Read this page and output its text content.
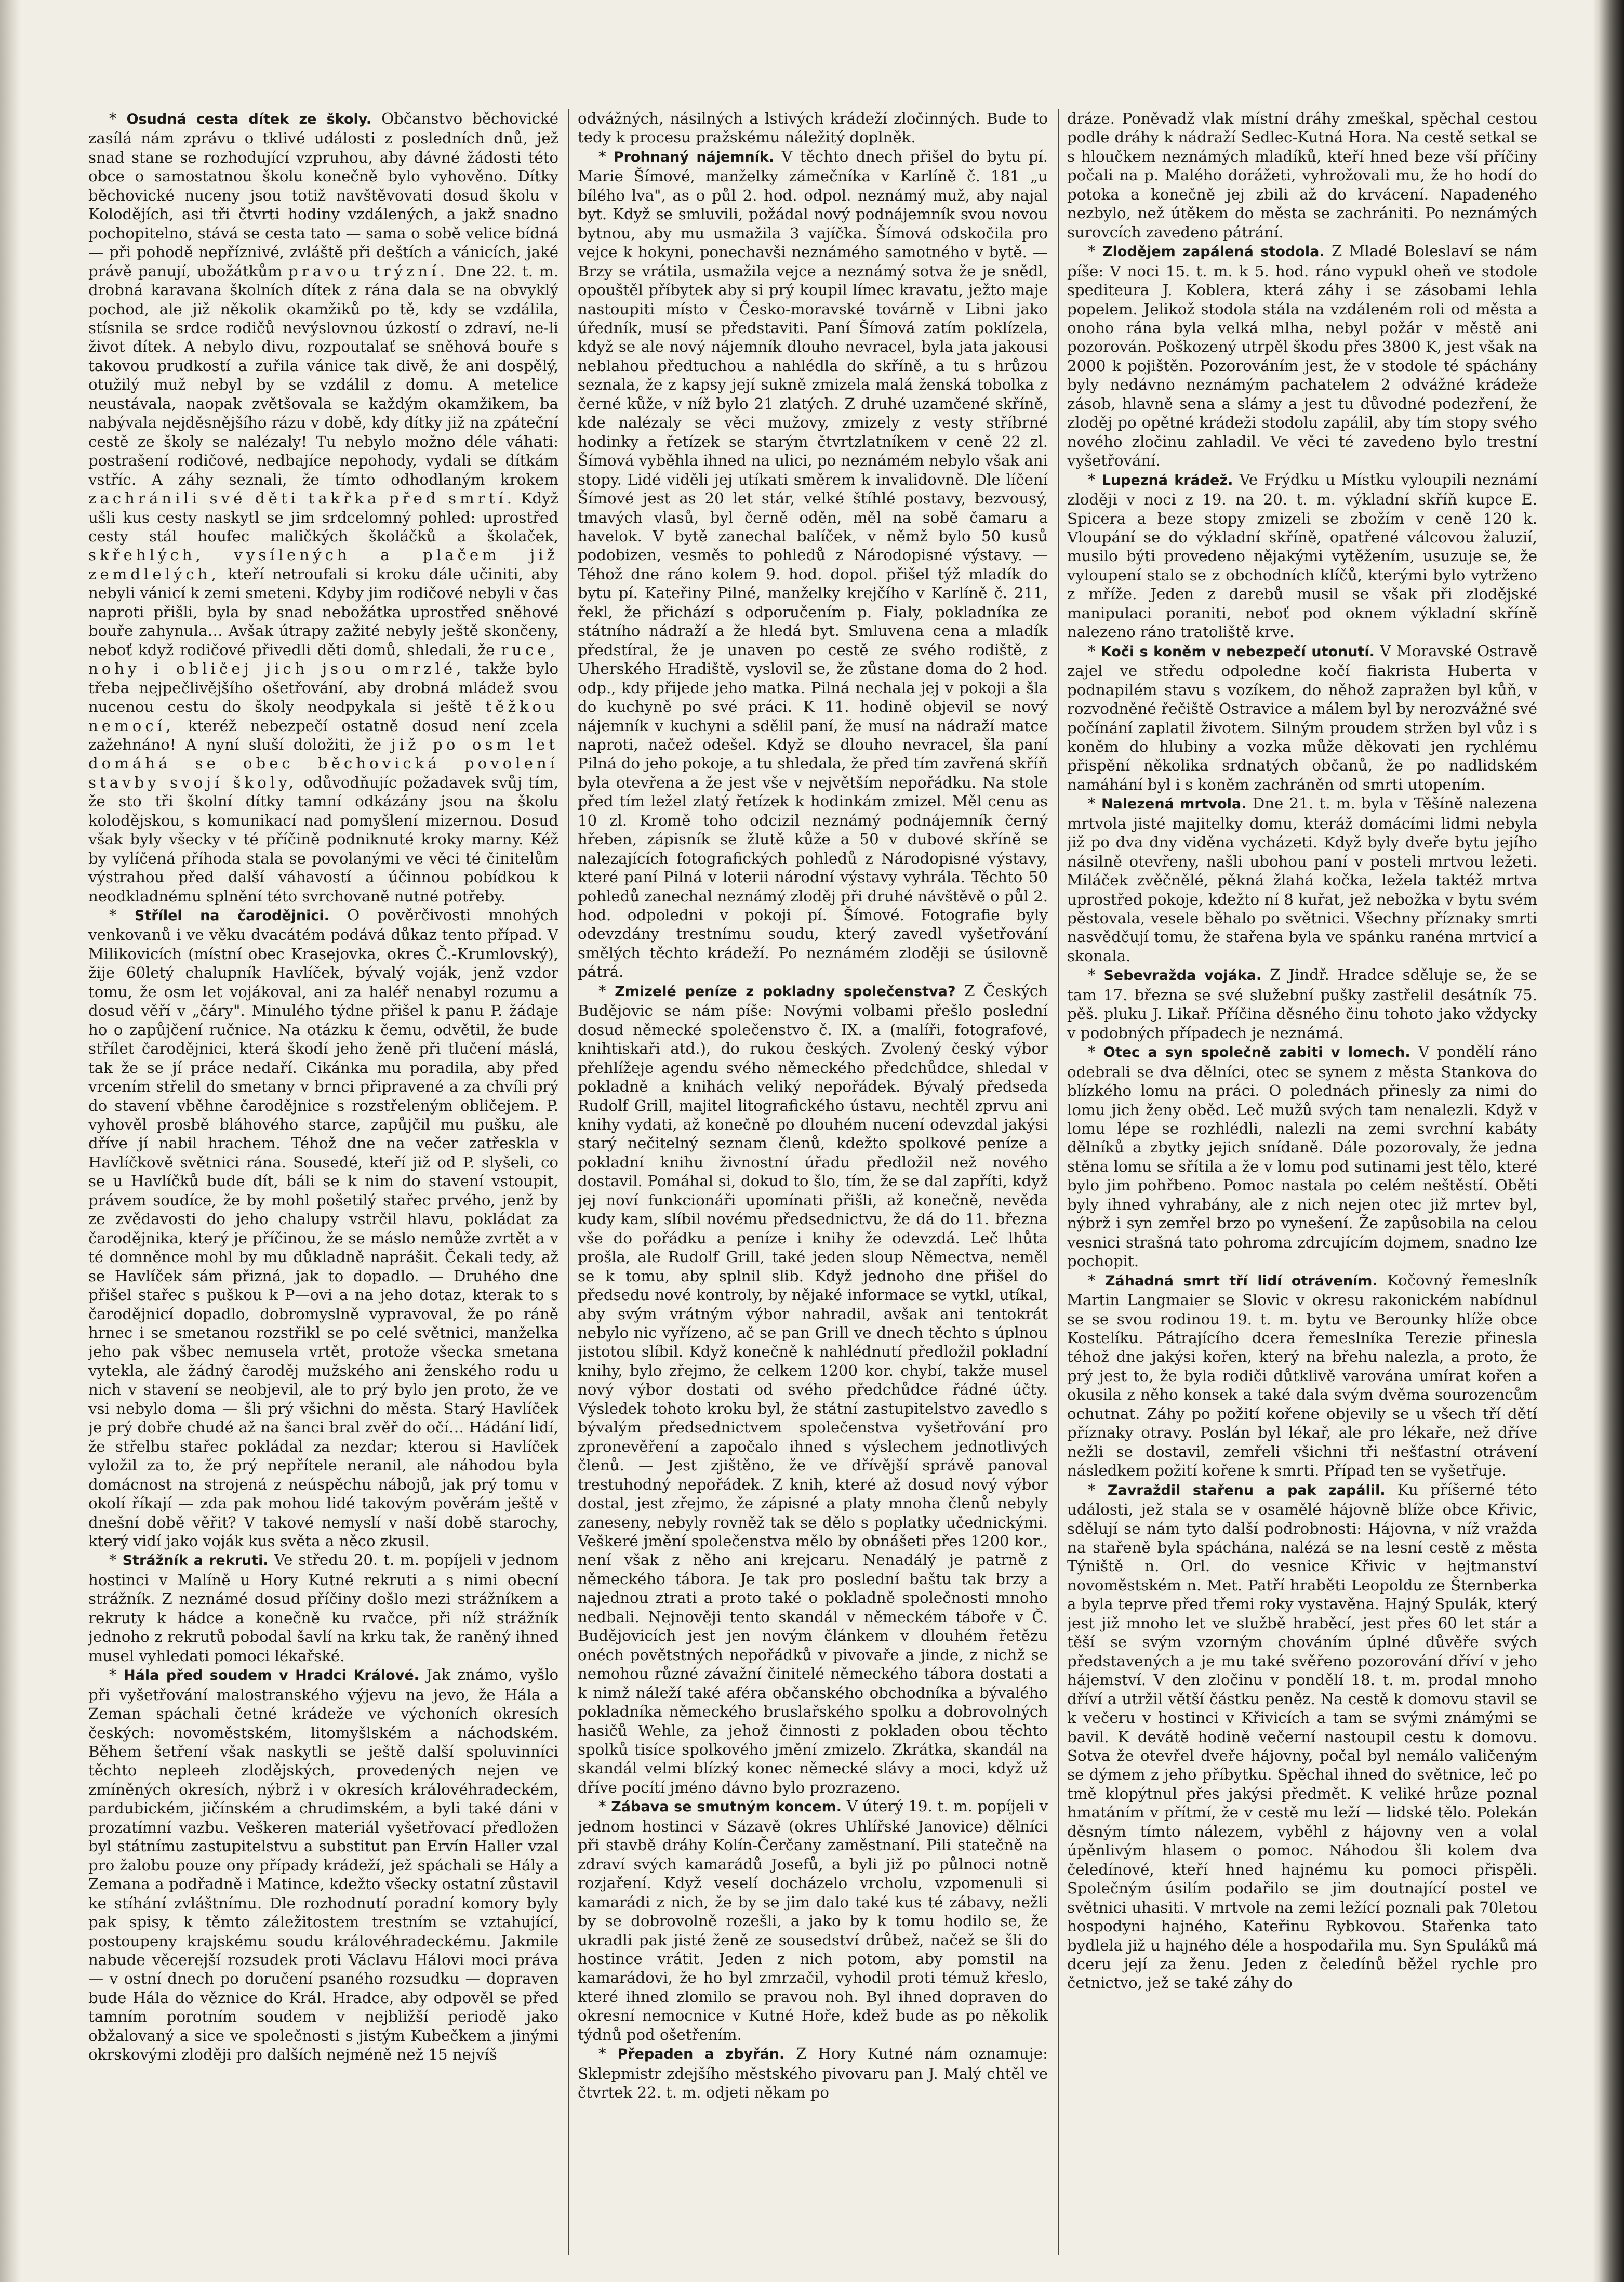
* Osudná cesta dítek ze školy. Občanstvo běchovické zasílá nám zprávu o tklivé události z posledních dnů, jež snad stane se rozhodující vzpruhou, aby dávné žádosti této obce o samostatnou školu konečně bylo vyhověno. Dítky běchovické nuceny jsou totiž navštěvovati dosud školu v Kolodějích, asi tři čtvrti hodiny vzdálených, a jakž snadno pochopitelno, stává se cesta tato — sama o sobě velice bídná — při pohodě nepříznivé, zvláště při deštích a vánicích, jaké právě panují, ubožátkům pravou trýzní. Dne 22. t. m. drobná karavana školních dítek z rána dala se na obvyklý pochod, ale již několik okamžiků po tě, kdy se vzdálila, stísnila se srdce rodičů nevýslovnou úzkostí o zdraví, ne-li život dítek. A nebylo divu, rozpoutalať se sněhová bouře s takovou prudkostí a zuřila vánice tak divě, že ani dospělý, otužilý muž nebyl by se vzdálil z domu. A metelice neustávala, naopak zvětšovala se každým okamžikem, ba nabývala nejděsnějšího rázu v době, kdy dítky již na zpáteční cestě ze školy se nalézaly! Tu nebylo možno déle váhati: postrašení rodičové, nedbajíce nepohody, vydali se dítkám vstříc. A záhy seznali, že tímto odhodlaným krokem zachránili své děti takřka před smrtí. Když ušli kus cesty naskytl se jim srdcelomný pohled: uprostřed cesty stál houfec maličkých školáčků a školaček, skřehlých, vysílených a plačem již zemdlelých, kteří netroufali si kroku dále učiniti, aby nebyli vánicí k zemi smeteni. Kdyby jim rodičové nebyli v čas naproti přišli, byla by snad nebožátka uprostřed sněhové bouře zahynula… Avšak útrapy zažité nebyly ještě skončeny, neboť když rodičové přivedli děti domů, shledali, že ruce, nohy i obličej jich jsou omrzlé, takže bylo třeba nejpečlivějšího ošetřování, aby drobná mládež svou nucenou cestu do školy neodpykala si ještě těžkou nemocí, kteréž nebezpečí ostatně dosud není zcela zažehnáno! A nyní sluší doložiti, že již po osm let domáhá se obec běchovická povolení stavby svojí školy, odůvodňujíc požadavek svůj tím, že sto tři školní dítky tamní odkázány jsou na školu kolodějskou, s komunikací nad pomyšlení mizernou. Dosud však byly všecky v té příčině podniknuté kroky marny. Kéž by vylíčená příhoda stala se povolanými ve věci té činitelům výstrahou před další váhavostí a účinnou pobídkou k neodkladnému splnění této svrchovaně nutné potřeby.

* Střílel na čarodějnici. O pověrčivosti mnohých venkovanů i ve věku dvacátém podává důkaz tento případ. V Milikovicích (místní obec Krasejovka, okres Č.-Krumlovský), žije 60letý chalupník Havlíček, bývalý voják, jenž vzdor tomu, že osm let vojákoval, ani za haléř nenabyl rozumu a dosud věří v „čáry". Minulého týdne přišel k panu P. žádaje ho o zapůjčení ručnice. Na otázku k čemu, odvětil, že bude střílet čarodějnici, která škodí jeho ženě při tlučení máslá, tak že se jí práce nedaří. Cikánka mu poradila, aby před vrcením střelil do smetany v brnci připravené a za chvíli prý do stavení vběhne čarodějnice s rozstřeleným obličejem. P. vyhověl prosbě bláhového starce, zapůjčil mu pušku, ale dříve jí nabil hrachem. Téhož dne na večer zatřeskla v Havlíčkově světnici rána. Sousedé, kteří již od P. slyšeli, co se u Havlíčků bude dít, báli se k nim do stavení vstoupit, právem soudíce, že by mohl pošetilý stařec prvého, jenž by ze zvědavosti do jeho chalupy vstrčil hlavu, pokládat za čarodějnika, který je příčinou, že se máslo nemůže zvrtět a v té domněnce mohl by mu důkladně naprášit. Čekali tedy, až se Havlíček sám přizná, jak to dopadlo. — Druhého dne přišel stařec s puškou k P—ovi a na jeho dotaz, kterak to s čarodějnicí dopadlo, dobromyslně vypravoval, že po ráně hrnec i se smetanou rozstřikl se po celé světnici, manželka jeho pak všbec nemusela vrtět, protože všecka smetana vytekla, ale žádný čaroděj mužského ani ženského rodu u nich v stavení se neobjevil, ale to prý bylo jen proto, že ve vsi nebylo doma — šli prý všichni do města. Starý Havlíček je prý dobře chudé až na šanci bral zvěř do očí… Hádání lidí, že střelbu stařec pokládal za nezdar; kterou si Havlíček vyložil za to, že prý nepřítele neranil, ale náhodou byla domácnost na strojená z neúspěchu nábojů, jak prý tomu v okolí říkají — zda pak mohou lidé takovým pověrám ještě v dnešní době věřit? V takové nemyslí v naší době starochy, který vidí jako voják kus světa a něco zkusil.

* Strážník a rekruti. Ve středu 20. t. m. popíjeli v jednom hostinci v Malíně u Hory Kutné rekruti a s nimi obecní strážník. Z neznámé dosud příčiny došlo mezi strážníkem a rekruty k hádce a konečně ku rvačce, při níž strážník jednoho z rekrutů pobodal šavlí na krku tak, že raněný ihned musel vyhledati pomoci lékařské.

* Hála před soudem v Hradci Králové. Jak známo, vyšlo při vyšetřování malostranského výjevu na jevo, že Hála a Zeman spáchali četné krádeže ve výchoních okresích českých: novoměstském, litomyšlském a náchodském. Během šetření však naskytli se ještě další spoluvinníci těchto nepleeh zlodějských, provedených nejen ve zmíněných okresích, nýbrž i v okresích královéhradeckém, pardubickém, jičínském a chrudimském, a byli také dáni v prozatímní vazbu. Veškeren materiál vyšetřovací předložen byl státnímu zastupitelstvu a substitut pan Ervín Haller vzal pro žalobu pouze ony případy krádeží, jež spáchali se Hály a Zemana a podřadně i Matince, kdežto všecky ostatní zůstavil ke stíhání zvláštnímu. Dle rozhodnutí poradní komory byly pak spisy, k těmto záležitostem trestním se vztahující, postoupeny krajskému soudu královéhradeckému. Jakmile nabude věcerejší rozsudek proti Václavu Hálovi moci práva — v ostní dnech po doručení psaného rozsudku — dopraven bude Hála do věznice do Král. Hradce, aby odpověl se před tamním porotním soudem v nejbližší periodě jako obžalovaný a sice ve společnosti s jistým Kubečkem a jinými okrskovými zloději pro dalších nejméně než 15 nejvíš

odvážných, násilných a lstivých krádeží zločinných. Bude to tedy k procesu pražskému náležitý doplněk.

* Prohnaný nájemník. V těchto dnech přišel do bytu pí. Marie Šímové, manželky zámečníka v Karlíně č. 181 „u bílého lva", as o půl 2. hod. odpol. neznámý muž, aby najal byt. Když se smluvili, požádal nový podnájemník svou novou bytnou, aby mu usmažila 3 vajíčka. Šímová odskočila pro vejce k hokyni, ponechavši neznámého samotného v bytě. — Brzy se vrátila, usmažila vejce a neznámý sotva že je snědl, opouštěl příbytek aby si prý koupil límec kravatu, ježto maje nastoupiti místo v Česko-moravské továrně v Libni jako úředník, musí se představiti. Paní Šímová zatím poklízela, když se ale nový nájemník dlouho nevracel, byla jata jakousi neblahou předtuchou a nahlédla do skříně, a tu s hrůzou seznala, že z kapsy její sukně zmizela malá ženská tobolka z černé kůže, v níž bylo 21 zlatých. Z druhé uzamčené skříně, kde nalézaly se věci mužovy, zmizely z vesty stříbrné hodinky a řetízek se starým čtvrtzlatníkem v ceně 22 zl. Šímová vyběhla ihned na ulici, po neznámém nebylo však ani stopy. Lidé viděli jej utíkati směrem k invalidovně. Dle líčení Šímové jest as 20 let stár, velké štíhlé postavy, bezvousý, tmavých vlasů, byl černě oděn, měl na sobě čamaru a havelok. V bytě zanechal balíček, v němž bylo 50 kusů podobizen, vesměs to pohledů z Národopisné výstavy. — Téhož dne ráno kolem 9. hod. dopol. přišel týž mladík do bytu pí. Kateřiny Pilné, manželky krejčího v Karlíně č. 211, řekl, že přichází s odporučením p. Fialy, pokladníka ze státního nádraží a že hledá byt. Smluvena cena a mladík předstíral, že je unaven po cestě ze svého rodiště, z Uherského Hradiště, vyslovil se, že zůstane doma do 2 hod. odp., kdy přijede jeho matka. Pilná nechala jej v pokoji a šla do kuchyně po své práci. K 11. hodině objevil se nový nájemník v kuchyni a sdělil paní, že musí na nádraží matce naproti, načež odešel. Když se dlouho nevracel, šla paní Pilná do jeho pokoje, a tu shledala, že před tím zavřená skříň byla otevřena a že jest vše v největším nepořádku. Na stole před tím ležel zlatý řetízek k hodinkám zmizel. Měl cenu as 10 zl. Kromě toho odcizil neznámý podnájemník černý hřeben, zápisník se žlutě kůže a 50 v dubové skříně se nalezajících fotografických pohledů z Národopisné výstavy, které paní Pilná v loterii národní výstavy vyhrála. Těchto 50 pohledů zanechal neznámý zloděj při druhé návštěvě o půl 2. hod. odpoledni v pokoji pí. Šímové. Fotografie byly odevzdány trestnímu soudu, který zavedl vyšetřování smělých těchto krádeží. Po neznámém zloději se úsilovně pátrá.

* Zmizelé peníze z pokladny společenstva? Z Českých Budějovic se nám píše: Novými volbami přešlo poslední dosud německé společenstvo č. IX. a (malíři, fotografové, knihtiskaři atd.), do rukou českých. Zvolený český výbor přehlížeje agendu svého německého předchůdce, shledal v pokladně a knihách veliký nepořádek. Bývalý předseda Rudolf Grill, majitel litografického ústavu, nechtěl zprvu ani knihy vydati, až konečně po dlouhém nucení odevzdal jakýsi starý nečitelný seznam členů, kdežto spolkové peníze a pokladní knihu živnostní úřadu předložil než nového dostavil. Pomáhal si, dokud to šlo, tím, že se dal zapříti, když jej noví funkcionáři upomínati přišli, až konečně, nevěda kudy kam, slíbil novému předsednictvu, že dá do 11. března vše do pořádku a peníze i knihy že odevzdá. Leč lhůta prošla, ale Rudolf Grill, také jeden sloup Němectva, neměl se k tomu, aby splnil slib. Když jednoho dne přišel do předsedu nové kontroly, by nějaké informace se vytkl, utíkal, aby svým vrátným výbor nahradil, avšak ani tentokrát nebylo nic vyřízeno, ač se pan Grill ve dnech těchto s úplnou jistotou slíbil. Když konečně k nahlédnutí předložil pokladní knihy, bylo zřejmo, že celkem 1200 kor. chybí, takže musel nový výbor dostati od svého předchůdce řádné účty. Výsledek tohoto kroku byl, že státní zastupitelstvo zavedlo s bývalým předsednictvem společenstva vyšetřování pro zpronevěření a započalo ihned s výslechem jednotlivých členů. — Jest zjištěno, že ve dřívější správě panoval trestuhodný nepořádek. Z knih, které až dosud nový výbor dostal, jest zřejmo, že zápisné a platy mnoha členů nebyly zaneseny, nebyly rovněž tak se dělo s poplatky učednickými. Veškeré jmění společenstva mělo by obnášeti přes 1200 kor., není však z něho ani krejcaru. Nenadálý je patrně z německého tábora. Je tak pro poslední baštu tak brzy a najednou ztrati a proto také o pokladně společnosti mnoho nedbali. Nejnověji tento skandál v německém táboře v Č. Budějovicích jest jen novým článkem v dlouhém řetězu onéch povětstných nepořádků v pivovaře a jinde, z nichž se nemohou různé závažní činitelé německého tábora dostati a k nimž náleží také aféra občanského obchodníka a bývalého pokladníka německého bruslařského spolku a dobrovolných hasičů Wehle, za jehož činnosti z pokladen obou těchto spolků tisíce spolkového jmění zmizelo. Zkrátka, skandál na skandál velmi blízký konec německé slávy a moci, když už dříve pocítí jméno dávno bylo prozrazeno.

* Zábava se smutným koncem. V úterý 19. t. m. popíjeli v jednom hostinci v Sázavě (okres Uhlířské Janovice) dělníci při stavbě dráhy Kolín-Čerčany zaměstnaní. Pili statečně na zdraví svých kamarádů Josefů, a byli již po půlnoci notně rozjaření. Když veselí docházelo vrcholu, vzpomenuli si kamarádi z nich, že by se jim dalo také kus té zábavy, nežli by se dobrovolně rozešli, a jako by k tomu hodilo se, že ukradli pak jisté ženě ze sousedství drůbež, načež se šli do hostince vrátit. Jeden z nich potom, aby pomstil na kamarádovi, že ho byl zmrzačil, vyhodil proti témuž křeslo, které ihned zlomilo se pravou noh. Byl ihned dopraven do okresní nemocnice v Kutné Hoře, kdež bude as po několik týdnů pod ošetřením.

* Přepaden a zbyřán. Z Hory Kutné nám oznamuje: Sklepmistr zdejšího městského pivovaru pan J. Malý chtěl ve čtvrtek 22. t. m. odjeti někam po

dráze. Poněvadž vlak místní dráhy zmeškal, spěchal cestou podle dráhy k nádraží Sedlec-Kutná Hora. Na cestě setkal se s hloučkem neznámých mladíků, kteří hned beze vší příčiny počali na p. Malého dorážeti, vyhrožovali mu, že ho hodí do potoka a konečně jej zbili až do krvácení. Napadeného nezbylo, než útěkem do města se zachrániti. Po neznámých surovcích zavedeno pátrání.

* Zlodějem zapálená stodola. Z Mladé Boleslaví se nám píše: V noci 15. t. m. k 5. hod. ráno vypukl oheň ve stodole spediteura J. Koblera, která záhy i se zásobami lehla popelem. Jelikož stodola stála na vzdáleném roli od města a onoho rána byla velká mlha, nebyl požár v městě ani pozorován. Poškozený utrpěl škodu přes 3800 K, jest však na 2000 k pojištěn. Pozorováním jest, že v stodole té spáchány byly nedávno neznámým pachatelem 2 odvážné krádeže zásob, hlavně sena a slámy a jest tu důvodné podezření, že zloděj po opětné krádeži stodolu zapálil, aby tím stopy svého nového zločinu zahladil. Ve věci té zavedeno bylo trestní vyšetřování.

* Lupezná krádež. Ve Frýdku u Místku vyloupili neznámí zloději v noci z 19. na 20. t. m. výkladní skříň kupce E. Spicera a beze stopy zmizeli se zbožím v ceně 120 k. Vloupání se do výkladní skříně, opatřené válcovou žaluzií, musilo býti provedeno nějakými vytěžením, usuzuje se, že vyloupení stalo se z obchodních klíčů, kterými bylo vytrženo z mříže. Jeden z darebů musil se však při zlodějské manipulaci poraniti, neboť pod oknem výkladní skříně nalezeno ráno tratoliště krve.

* Koči s koněm v nebezpečí utonutí. V Moravské Ostravě zajel ve středu odpoledne kočí fiakrista Huberta v podnapilém stavu s vozíkem, do něhož zapražen byl kůň, v rozvodněné řečiště Ostravice a málem byl by nerozvážné své počínání zaplatil životem. Silným proudem stržen byl vůz i s koněm do hlubiny a vozka může děkovati jen rychlému přispění několika srdnatých občanů, že po nadlidském namáhání byl i s koněm zachráněn od smrti utopením.

* Nalezená mrtvola. Dne 21. t. m. byla v Těšíně nalezena mrtvola jisté majitelky domu, kteráž domácími lidmi nebyla již po dva dny viděna vycházeti. Když byly dveře bytu jejího násilně otevřeny, našli ubohou paní v posteli mrtvou ležeti. Miláček zvěčnělé, pěkná žlahá kočka, ležela taktéž mrtva uprostřed pokoje, kdežto ní 8 kuřat, jež nebožka v bytu svém pěstovala, vesele běhalo po světnici. Všechny příznaky smrti nasvědčují tomu, že stařena byla ve spánku ranéna mrtvicí a skonala.

* Sebevražda vojáka. Z Jindř. Hradce sděluje se, že se tam 17. března se své služební pušky zastřelil desátník 75. pěš. pluku J. Likař. Příčina děsného činu tohoto jako vždycky v podobných případech je neznámá.

* Otec a syn společně zabiti v lomech. V pondělí ráno odebrali se dva dělníci, otec se synem z města Stankova do blízkého lomu na práci. O polednách přinesly za nimi do lomu jich ženy oběd. Leč mužů svých tam nenalezli. Když v lomu lépe se rozhlédli, nalezli na zemi svrchní kabáty dělníků a zbytky jejich snídaně. Dále pozorovaly, že jedna stěna lomu se sřítila a že v lomu pod sutinami jest tělo, které bylo jim pohřbeno. Pomoc nastala po celém neštěstí. Oběti byly ihned vyhrabány, ale z nich nejen otec již mrtev byl, nýbrž i syn zemřel brzo po vynešení. Že zapůsobila na celou vesnici strašná tato pohroma zdrcujícím dojmem, snadno lze pochopit.

* Záhadná smrt tří lidí otrávením. Kočovný řemeslník Martin Langmaier se Slovic v okresu rakonickém nabídnul se se svou rodinou 19. t. m. bytu ve Berounky hlíže obce Kostelíku. Pátrajícího dcera řemeslníka Terezie přinesla téhož dne jakýsi kořen, který na břehu nalezla, a proto, že prý jest to, že byla rodiči důtklivě varována umírat kořen a okusila z něho konsek a také dala svým dvěma sourozencům ochutnat. Záhy po požití kořene objevily se u všech tří dětí příznaky otravy. Poslán byl lékař, ale pro lékaře, než dříve nežli se dostavil, zemřeli všichni tři nešťastní otrávení následkem požití kořene k smrti. Případ ten se vyšetřuje.

* Zavraždil stařenu a pak zapálil. Ku příšerné této události, jež stala se v osamělé hájovně blíže obce Křivic, sdělují se nám tyto další podrobnosti: Hájovna, v níž vražda na stařeně byla spáchána, nalézá se na lesní cestě z města Týniště n. Orl. do vesnice Křivic v hejtmanství novoměstském n. Met. Patří hraběti Leopoldu ze Šternberka a byla teprve před třemi roky vystavěna. Hajný Spulák, který jest již mnoho let ve službě hraběcí, jest přes 60 let stár a těší se svým vzorným chováním úplné důvěře svých představených a je mu také svěřeno pozorování dříví v jeho hájemství. V den zločinu v pondělí 18. t. m. prodal mnoho dříví a utržil větší částku peněz. Na cestě k domovu stavil se k večeru v hostinci v Křivicích a tam se svými známými se bavil. K devátě hodině večerní nastoupil cestu k domovu. Sotva že otevřel dveře hájovny, počal byl nemálo valičeným se dýmem z jeho příbytku. Spěchal ihned do světnice, leč po tmě klopýtnul přes jakýsi předmět. K veliké hrůze poznal hmatáním v přítmí, že v cestě mu leží — lidské tělo. Polekán děsným tímto nálezem, vyběhl z hájovny ven a volal úpěnlivým hlasem o pomoc. Náhodou šli kolem dva čeledínové, kteří hned hajnému ku pomoci přispěli. Společným úsilím podařilo se jim doutnající postel ve světnici uhasiti. V mrtvole na zemi ležící poznali pak 70letou hospodyni hajného, Kateřinu Rybkovou. Stařenka tato bydlela již u hajného déle a hospodařila mu. Syn Spuláků má dceru její za ženu. Jeden z čeledínů běžel rychle pro četnictvo, jež se také záhy do
